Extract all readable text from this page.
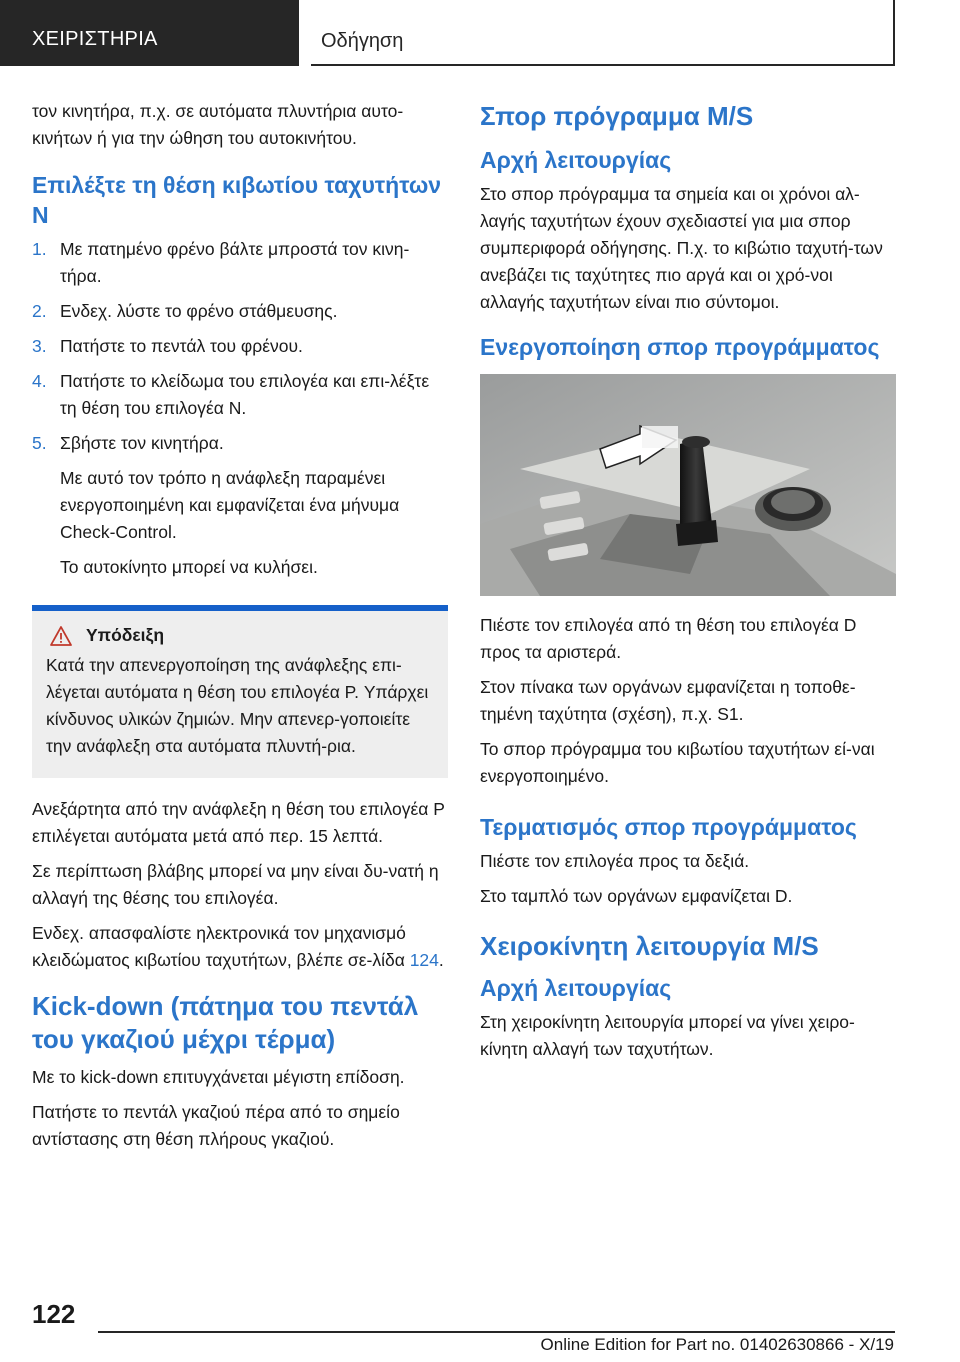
ΧΕΙΡΙΣΤΗΡΙΑ	Οδήγηση

τον κινητήρα, π.χ. σε αυτόματα πλυντήρια αυτο-κινήτων ή για την ώθηση του αυτοκινήτου.

Επιλέξτε τη θέση κιβωτίου ταχυτήτων N
1. Με πατημένο φρένο βάλτε μπροστά τον κινη-τήρα.
2. Ενδεχ. λύστε το φρένο στάθμευσης.
3. Πατήστε το πεντάλ του φρένου.
4. Πατήστε το κλείδωμα του επιλογέα και επι-λέξτε τη θέση του επιλογέα N.
5. Σβήστε τον κινητήρα.

Με αυτό τον τρόπο η ανάφλεξη παραμένει ενεργοποιημένη και εμφανίζεται ένα μήνυμα Check-Control.

Το αυτοκίνητο μπορεί να κυλήσει.

Υπόδειξη

Κατά την απενεργοποίηση της ανάφλεξης επι-λέγεται αυτόματα η θέση του επιλογέα P. Υπάρχει κίνδυνος υλικών ζημιών. Μην απενερ-γοποιείτε την ανάφλεξη στα αυτόματα πλυντή-ρια.

Ανεξάρτητα από την ανάφλεξη η θέση του επιλογέα P επιλέγεται αυτόματα μετά από περ. 15 λεπτά.

Σε περίπτωση βλάβης μπορεί να μην είναι δυ-νατή η αλλαγή της θέσης του επιλογέα.

Ενδεχ. απασφαλίστε ηλεκτρονικά τον μηχανισμό κλειδώματος κιβωτίου ταχυτήτων, βλέπε σε-λίδα 124.

Kick-down (πάτημα του πεντάλ του γκαζιού μέχρι τέρμα)

Με το kick-down επιτυγχάνεται μέγιστη επίδοση.

Πατήστε το πεντάλ γκαζιού πέρα από το σημείο αντίστασης στη θέση πλήρους γκαζιού.

Σπορ πρόγραμμα M/S
Αρχή λειτουργίας

Στο σπορ πρόγραμμα τα σημεία και οι χρόνοι αλ-λαγής ταχυτήτων έχουν σχεδιαστεί για μια σπορ συμπεριφορά οδήγησης. Π.χ. το κιβώτιο ταχυτή-των ανεβάζει τις ταχύτητες πιο αργά και οι χρό-νοι αλλαγής ταχυτήτων είναι πιο σύντομοι.

Ενεργοποίηση σπορ προγράμματος

Πιέστε τον επιλογέα από τη θέση του επιλογέα D προς τα αριστερά.

Στον πίνακα των οργάνων εμφανίζεται η τοποθε-τημένη ταχύτητα (σχέση), π.χ. S1.

Το σπορ πρόγραμμα του κιβωτίου ταχυτήτων εί-ναι ενεργοποιημένο.

Τερματισμός σπορ προγράμματος

Πιέστε τον επιλογέα προς τα δεξιά.

Στο ταμπλό των οργάνων εμφανίζεται D.

Χειροκίνητη λειτουργία M/S
Αρχή λειτουργίας

Στη χειροκίνητη λειτουργία μπορεί να γίνει χειρο-κίνητη αλλαγή των ταχυτήτων.

122
Online Edition for Part no. 01402630866 - X/19
